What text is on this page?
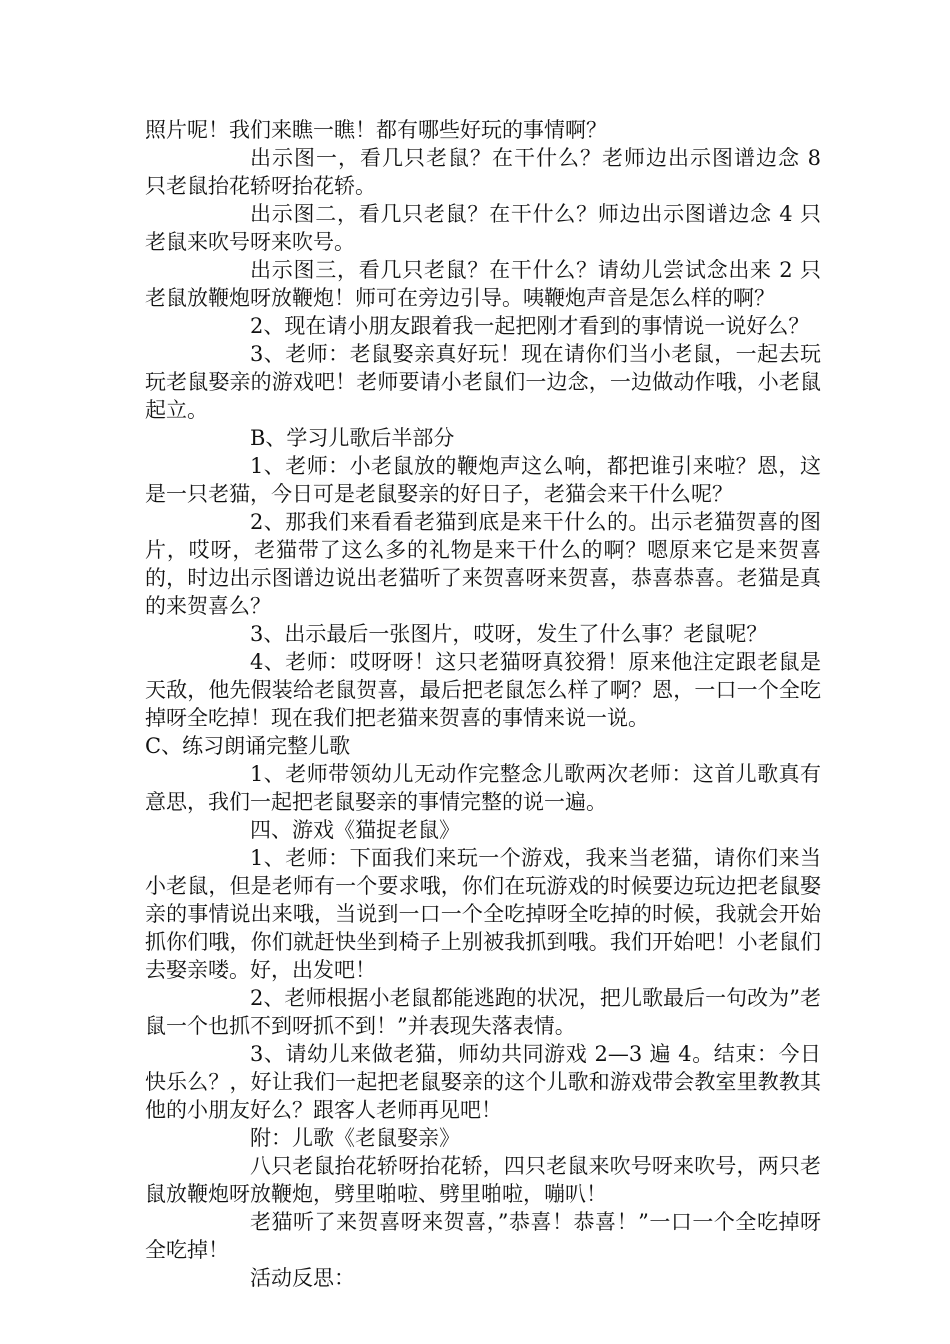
照片呢！我们来瞧一瞧！都有哪些好玩的事情啊？

出示图一，看几只老鼠？在干什么？老师边出示图谱边念 8 只老鼠抬花轿呀抬花轿。

出示图二，看几只老鼠？在干什么？师边出示图谱边念 4 只老鼠来吹号呀来吹号。

出示图三，看几只老鼠？在干什么？请幼儿尝试念出来 2 只老鼠放鞭炮呀放鞭炮！师可在旁边引导。咦鞭炮声音是怎么样的啊？

2、现在请小朋友跟着我一起把刚才看到的事情说一说好么？

3、老师：老鼠娶亲真好玩！现在请你们当小老鼠，一起去玩玩老鼠娶亲的游戏吧！老师要请小老鼠们一边念，一边做动作哦，小老鼠起立。

B、学习儿歌后半部分

1、老师：小老鼠放的鞭炮声这么响，都把谁引来啦？恩，这是一只老猫，今日可是老鼠娶亲的好日子，老猫会来干什么呢？

2、那我们来看看老猫到底是来干什么的。出示老猫贺喜的图片，哎呀，老猫带了这么多的礼物是来干什么的啊？嗯原来它是来贺喜的，时边出示图谱边说出老猫听了来贺喜呀来贺喜，恭喜恭喜。老猫是真的来贺喜么？

3、出示最后一张图片，哎呀，发生了什么事？老鼠呢？

4、老师：哎呀呀！这只老猫呀真狡猾！原来他注定跟老鼠是天敌，他先假装给老鼠贺喜，最后把老鼠怎么样了啊？恩，一口一个全吃掉呀全吃掉！现在我们把老猫来贺喜的事情来说一说。

C、练习朗诵完整儿歌

1、老师带领幼儿无动作完整念儿歌两次老师：这首儿歌真有意思，我们一起把老鼠娶亲的事情完整的说一遍。

四、游戏《猫捉老鼠》

1、老师：下面我们来玩一个游戏，我来当老猫，请你们来当小老鼠，但是老师有一个要求哦，你们在玩游戏的时候要边玩边把老鼠娶亲的事情说出来哦，当说到一口一个全吃掉呀全吃掉的时候，我就会开始抓你们哦，你们就赶快坐到椅子上别被我抓到哦。我们开始吧！小老鼠们去娶亲喽。好，出发吧！

2、老师根据小老鼠都能逃跑的状况，把儿歌最后一句改为”老鼠一个也抓不到呀抓不到！”并表现失落表情。

3、请幼儿来做老猫，师幼共同游戏 2—3 遍 4。结束：今日快乐么？，好让我们一起把老鼠娶亲的这个儿歌和游戏带会教室里教教其他的小朋友好么？跟客人老师再见吧！

附：儿歌《老鼠娶亲》

八只老鼠抬花轿呀抬花轿，四只老鼠来吹号呀来吹号，两只老鼠放鞭炮呀放鞭炮，劈里啪啦、劈里啪啦，嘣叭！

老猫听了来贺喜呀来贺喜，”恭喜！恭喜！”一口一个全吃掉呀全吃掉！

活动反思：
